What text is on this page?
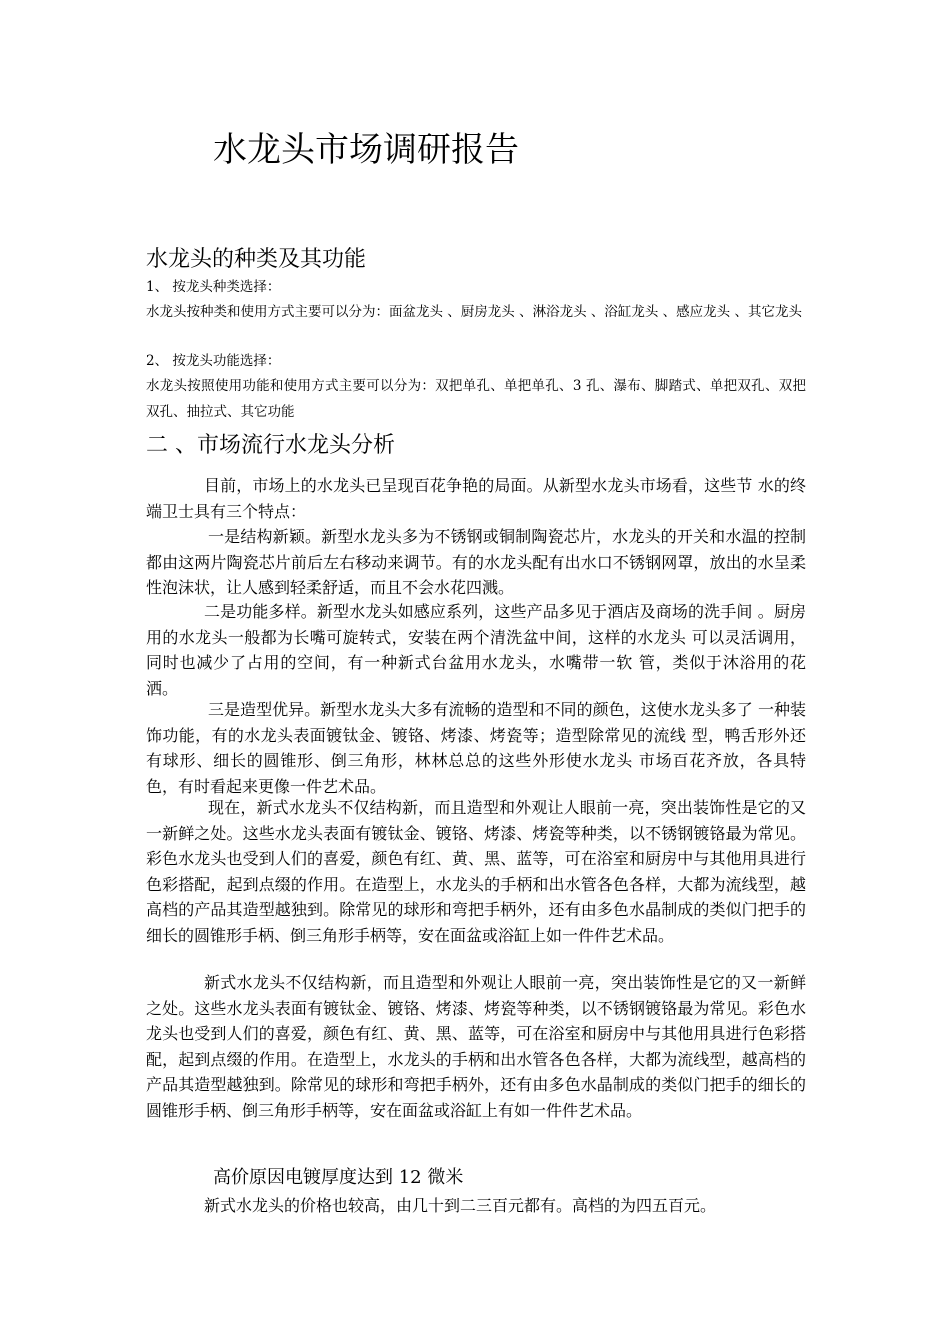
水龙头市场调研报告
水龙头的种类及其功能

1、 按龙头种类选择：

水龙头按种类和使用方式主要可以分为：面盆龙头 、厨房龙头 、淋浴龙头 、浴缸龙头 、感应龙头 、其它龙头

2、 按龙头功能选择：

水龙头按照使用功能和使用方式主要可以分为：双把单孔、单把单孔、3 孔、瀑布、脚踏式、单把双孔、双把双孔、抽拉式、其它功能

二 、市场流行水龙头分析

目前，市场上的水龙头已呈现百花争艳的局面。从新型水龙头市场看，这些节 水的终端卫士具有三个特点：

一是结构新颖。新型水龙头多为不锈钢或铜制陶瓷芯片，水龙头的开关和水温的控制都由这两片陶瓷芯片前后左右移动来调节。有的水龙头配有出水口不锈钢网罩，放出的水呈柔性泡沫状，让人感到轻柔舒适，而且不会水花四溅。

二是功能多样。新型水龙头如感应系列，这些产品多见于酒店及商场的洗手间 。厨房用的水龙头一般都为长嘴可旋转式，安装在两个清洗盆中间，这样的水龙头 可以灵活调用，同时也减少了占用的空间，有一种新式台盆用水龙头，水嘴带一软 管，类似于沐浴用的花洒。

三是造型优异。新型水龙头大多有流畅的造型和不同的颜色，这使水龙头多了 一种装饰功能，有的水龙头表面镀钛金、镀铬、烤漆、烤瓷等；造型除常见的流线 型，鸭舌形外还有球形、细长的圆锥形、倒三角形，林林总总的这些外形使水龙头 市场百花齐放，各具特色，有时看起来更像一件艺术品。

现在，新式水龙头不仅结构新，而且造型和外观让人眼前一亮，突出装饰性是它的又一新鲜之处。这些水龙头表面有镀钛金、镀铬、烤漆、烤瓷等种类，以不锈钢镀铬最为常见。彩色水龙头也受到人们的喜爱，颜色有红、黄、黑、蓝等，可在浴室和厨房中与其他用具进行色彩搭配，起到点缀的作用。在造型上，水龙头的手柄和出水管各色各样，大都为流线型，越高档的产品其造型越独到。除常见的球形和弯把手柄外，还有由多色水晶制成的类似门把手的细长的圆锥形手柄、倒三角形手柄等，安在面盆或浴缸上如一件件艺术品。

新式水龙头不仅结构新，而且造型和外观让人眼前一亮，突出装饰性是它的又一新鲜之处。这些水龙头表面有镀钛金、镀铬、烤漆、烤瓷等种类，以不锈钢镀铬最为常见。彩色水龙头也受到人们的喜爱，颜色有红、黄、黑、蓝等，可在浴室和厨房中与其他用具进行色彩搭配，起到点缀的作用。在造型上，水龙头的手柄和出水管各色各样，大都为流线型，越高档的产品其造型越独到。除常见的球形和弯把手柄外，还有由多色水晶制成的类似门把手的细长的圆锥形手柄、倒三角形手柄等，安在面盆或浴缸上有如一件件艺术品。

高价原因电镀厚度达到 12 微米

新式水龙头的价格也较高，由几十到二三百元都有。高档的为四五百元。
